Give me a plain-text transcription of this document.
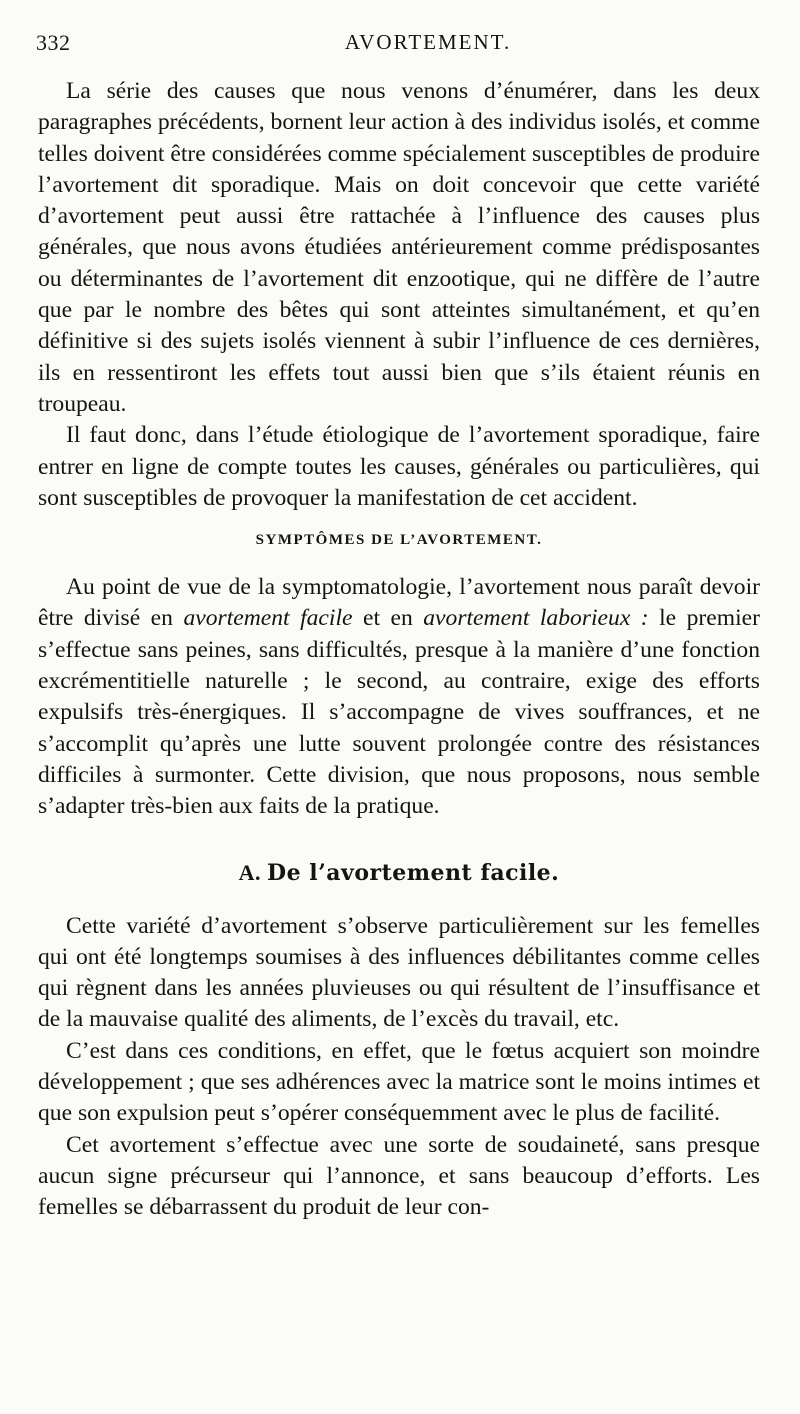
332	AVORTEMENT.

La série des causes que nous venons d’énumérer, dans les deux paragraphes précédents, bornent leur action à des individus isolés, et comme telles doivent être considérées comme spécialement susceptibles de produire l’avortement dit sporadique. Mais on doit concevoir que cette variété d’avortement peut aussi être rattachée à l’influence des causes plus générales, que nous avons étudiées antérieurement comme prédisposantes ou déterminantes de l’avortement dit enzootique, qui ne diffère de l’autre que par le nombre des bêtes qui sont atteintes simultanément, et qu’en définitive si des sujets isolés viennent à subir l’influence de ces dernières, ils en ressentiront les effets tout aussi bien que s’ils étaient réunis en troupeau.

Il faut donc, dans l’étude étiologique de l’avortement sporadique, faire entrer en ligne de compte toutes les causes, générales ou particulières, qui sont susceptibles de provoquer la manifestation de cet accident.

SYMPTÔMES DE L’AVORTEMENT.

Au point de vue de la symptomatologie, l’avortement nous paraît devoir être divisé en avortement facile et en avortement laborieux : le premier s’effectue sans peines, sans difficultés, presque à la manière d’une fonction excrémentitielle naturelle ; le second, au contraire, exige des efforts expulsifs très-énergiques. Il s’accompagne de vives souffrances, et ne s’accomplit qu’après une lutte souvent prolongée contre des résistances difficiles à surmonter. Cette division, que nous proposons, nous semble s’adapter très-bien aux faits de la pratique.

A. De l’avortement facile.

Cette variété d’avortement s’observe particulièrement sur les femelles qui ont été longtemps soumises à des influences débilitantes comme celles qui règnent dans les années pluvieuses ou qui résultent de l’insuffisance et de la mauvaise qualité des aliments, de l’excès du travail, etc.

C’est dans ces conditions, en effet, que le fœtus acquiert son moindre développement ; que ses adhérences avec la matrice sont le moins intimes et que son expulsion peut s’opérer conséquemment avec le plus de facilité.

Cet avortement s’effectue avec une sorte de soudaineté, sans presque aucun signe précurseur qui l’annonce, et sans beaucoup d’efforts. Les femelles se débarrassent du produit de leur con-
